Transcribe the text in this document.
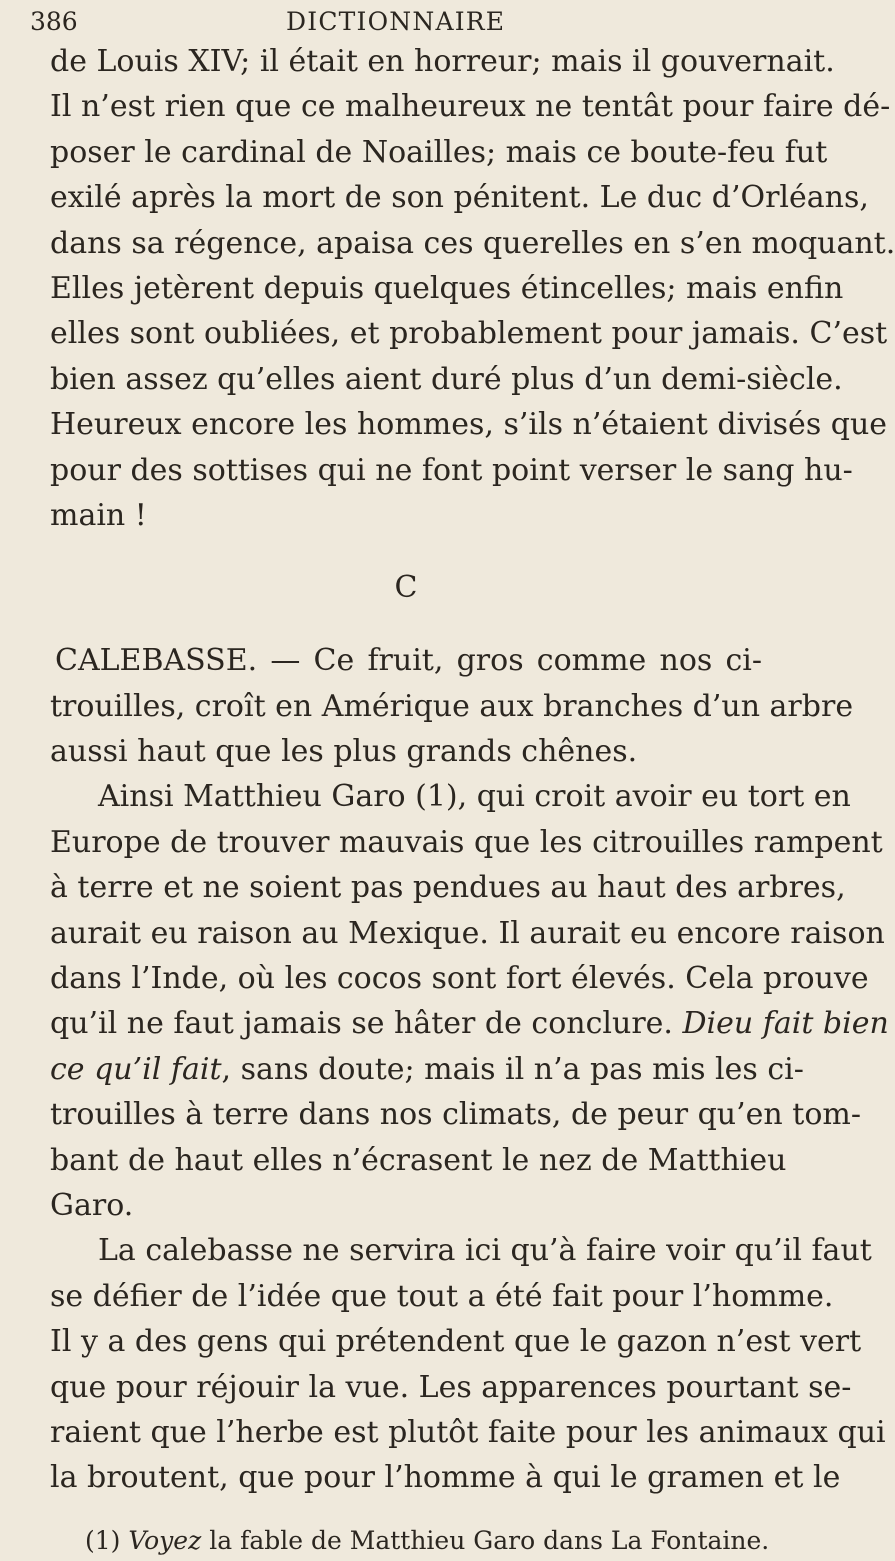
386	DICTIONNAIRE
de Louis XIV; il était en horreur; mais il gouvernait.
Il n’est rien que ce malheureux ne tentât pour faire dé-
poser le cardinal de Noailles; mais ce boute-feu fut
exilé après la mort de son pénitent. Le duc d’Orléans,
dans sa régence, apaisa ces querelles en s’en moquant.
Elles jetèrent depuis quelques étincelles; mais enfin
elles sont oubliées, et probablement pour jamais. C’est
bien assez qu’elles aient duré plus d’un demi-siècle.
Heureux encore les hommes, s’ils n’étaient divisés que
pour des sottises qui ne font point verser le sang hu-
main !
C
CALEBASSE. — Ce fruit, gros comme nos ci-
trouilles, croît en Amérique aux branches d’un arbre
aussi haut que les plus grands chênes.
Ainsi Matthieu Garo (1), qui croit avoir eu tort en
Europe de trouver mauvais que les citrouilles rampent
à terre et ne soient pas pendues au haut des arbres,
aurait eu raison au Mexique. Il aurait eu encore raison
dans l’Inde, où les cocos sont fort élevés. Cela prouve
qu’il ne faut jamais se hâter de conclure. Dieu fait bien
ce qu’il fait, sans doute; mais il n’a pas mis les ci-
trouilles à terre dans nos climats, de peur qu’en tom-
bant de haut elles n’écrasent le nez de Matthieu
Garo.
La calebasse ne servira ici qu’à faire voir qu’il faut
se défier de l’idée que tout a été fait pour l’homme.
Il y a des gens qui prétendent que le gazon n’est vert
que pour réjouir la vue. Les apparences pourtant se-
raient que l’herbe est plutôt faite pour les animaux qui
la broutent, que pour l’homme à qui le gramen et le
(1) Voyez la fable de Matthieu Garo dans La Fontaine.
